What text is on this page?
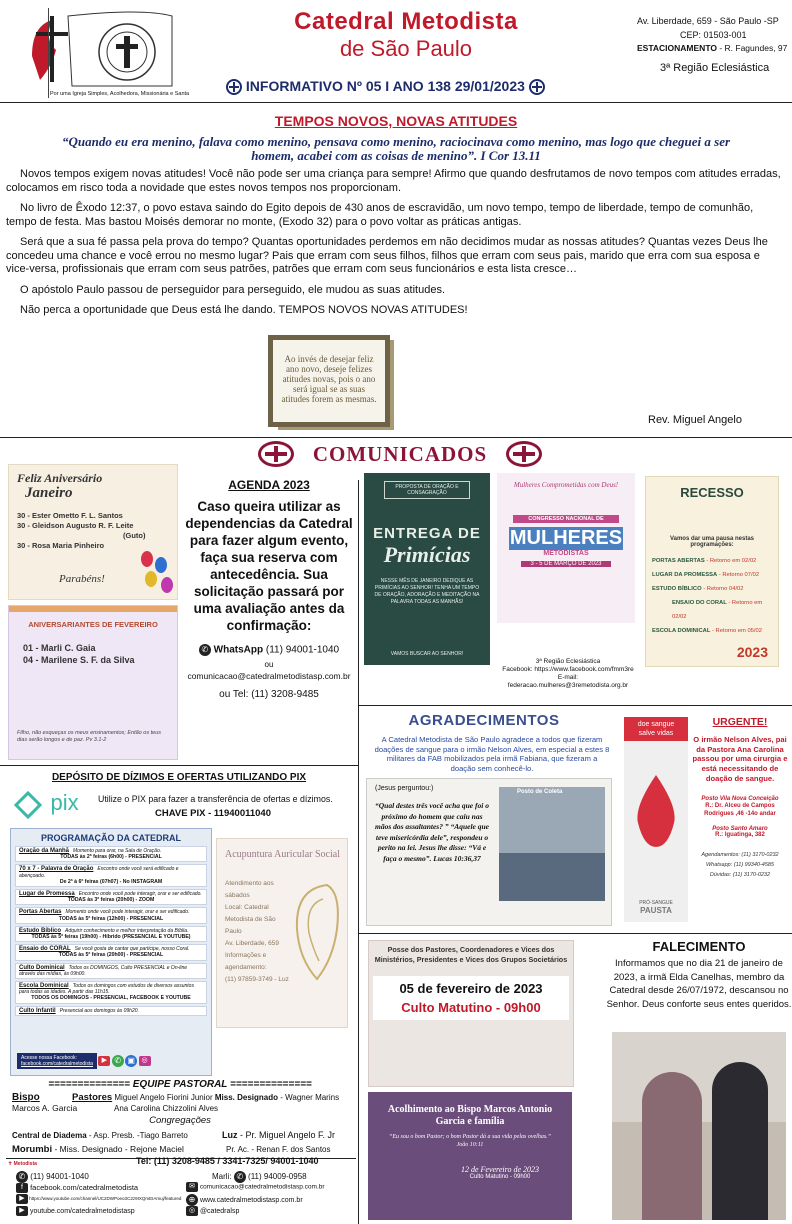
Por uma Igreja Simples, Acolhedora, Missionária e Santa
Catedral Metodista
de São Paulo
Av. Liberdade, 659 - São Paulo -SP
CEP: 01503-001
ESTACIONAMENTO - R. Fagundes, 97
3ª Região Eclesiástica
INFORMATIVO Nº 05 I ANO 138 29/01/2023
TEMPOS NOVOS, NOVAS ATITUDES
“Quando eu era menino, falava como menino, pensava como menino, raciocinava como menino, mas logo que cheguei a ser homem, acabei com as coisas de menino”. I Cor 13.11

Novos tempos exigem novas atitudes! Você não pode ser uma criança para sempre! Afirmo que quando desfrutamos de novo tempos com atitudes erradas, colocamos em risco toda a novidade que estes novos tempos nos proporcionam.

No livro de Êxodo 12:37, o povo estava saindo do Egito depois de 430 anos de escravidão, um novo tempo, tempo de liberdade, tempo de comunhão, tempo de festa. Mas bastou Moisés demorar no monte, (Exodo 32) para o povo voltar as práticas antigas.

Será que a sua fé passa pela prova do tempo? Quantas oportunidades perdemos em não decidimos mudar as nossas atitudes? Quantas vezes Deus lhe concedeu uma chance e você errou no mesmo lugar? Pais que erram com seus filhos, filhos que erram com seus pais, marido que erra com sua esposa e vice-versa, profissionais que erram com seus patrões, patrões que erram com seus funcionários e esta lista cresce…

O apóstolo Paulo passou de perseguidor para perseguido, ele mudou as suas atitudes.

Não perca a oportunidade que Deus está lhe dando. TEMPOS NOVOS NOVAS ATITUDES!

Ao invés de desejar feliz ano novo, deseje felizes atitudes novas, pois o ano será igual se as suas atitudes forem as mesmas.
Rev. Miguel Angelo
COMUNICADOS
Feliz Aniversário
Janeiro
30 - Ester Ometto F. L. Santos
30 - Gleidson Augusto R. F. Leite
(Guto)
30 - Rosa Maria Pinheiro
Parabéns!
ANIVERSARIANTES DE FEVEREIRO
01 - Marli C. Gaia
04 - Marilene S. F. da Silva
Filho, não esqueças os meus ensinamentos; Então os teus dias serão longos e de paz. Pv 3.1-2
AGENDA 2023
Caso queira utilizar as dependencias da Catedral para fazer algum evento, faça sua reserva com antecedência. Sua solicitação passará por uma avaliação antes da confirmação:
✆ WhatsApp (11) 94001-1040
ou
comunicacao@catedralmetodistasp.com.br
ou Tel: (11) 3208-9485
PROPOSTA DE ORAÇÃO E CONSAGRAÇÃO
ENTREGA DE
Primícias
NESSE MÊS DE JANEIRO DEDIQUE AS PRIMÍCIAS AO SENHOR! TENHA UM TEMPO DE ORAÇÃO, ADORAÇÃO E MEDITAÇÃO NA PALAVRA TODAS AS MANHÃS!
VAMOS BUSCAR AO SENHOR!
Mulheres Comprometidas com Deus!
CONGRESSO NACIONAL DE
MULHERES
METODISTAS
3 - 5 DE MARÇO DE 2023
3ª Região Eclesiástica
Facebook: https://www.facebook.com/fmm3re
E-mail: federacao.mulheres@3remetodista.org.br
RECESSO
Vamos dar uma pausa nestas programações:
PORTAS ABERTAS - Retorno em 02/02
LUGAR DA PROMESSA - Retorno 07/02
ESTUDO BÍBLICO - Retorno 04/02
ENSAIO DO CORAL - Retorno em 02/02
ESCOLA DOMINICAL - Retorno em 05/02
2023
AGRADECIMENTOS
A Catedral Metodista de São Paulo agradece a todos que fizeram doações de sangue para o irmão Nelson Alves, em especial a estes 8 militares da FAB mobilizados pela irmã Fabiana, que fizeram a doação sem conhecê-lo.
(Jesus perguntou:)
“Qual destes três você acha que foi o próximo do homem que caiu nas mãos dos assaltantes? ” “Aquele que teve misericórdia dele”, respondeu o perito na lei. Jesus lhe disse: “Vá e faça o mesmo”. Lucas 10:36,37
Posto de Coleta
doe sangue
salve vidas
PRÓ-SANGUE
PAUSTA
URGENTE!
O irmão Nelson Alves, pai da Pastora Ana Carolina passou por uma cirurgia e está necessitando de doação de sangue.
Posto Vila Nova Conceição
R.: Dr. Alceu de Campos Rodrigues ,46 -14o andar
Posto Santo Amaro
R.: Iguatinga, 382
Agendamentos: (11) 3170-0232
Whatsapp: (11) 99340-4585
Dúvidas: (11) 3170-0232
DEPÓSITO DE DÍZIMOS E OFERTAS UTILIZANDO PIX
pix	Utilize o PIX para fazer a transferência de ofertas e dízimos.
CHAVE PIX - 11940011040
PROGRAMAÇÃO DA CATEDRAL
Oração da Manhã Momento para orar, na Sala de Oração.
TODAS às 2ª feiras (6h00) - PRESENCIAL
70 x 7 - Palavra de Oração Encontro onde você será edificado e abençoado.
De 2ª à 6ª feiras (07h07) - No INSTAGRAM
Lugar de Promessa Encontro onde você pode interagir, orar e ser edificado.
TODAS às 3ª feiras (20h00) - ZOOM
Portas Abertas Momento onde você pode interagir, orar e ser edificado.
TODAS às 5ª feiras (12h00) - PRESENCIAL
Estudo Bíblico Adquirir conhecimento e melhor interpretação da Bíblia.
TODAS às 5ª feiras (19h00) - Híbrido (PRESENCIAL E YOUTUBE)
Ensaio do CORAL Se você gosta de cantar que participe, nosso Coral.
TODAS às 5ª feiras (20h00) - PRESENCIAL
Culto Dominical Todos os DOMINGOS, Culto PRESENCIAL e On-line através das mídias, às 09h00.
Escola Dominical Todos os domingos com estudos de diversos assuntos para todas as idades. A partir das 11h15.
TODOS OS DOMINGOS - PRESENCIAL, FACEBOOK E YOUTUBE
Culto Infantil Presencial aos domingos às 09h20.
Acesse nossa Facebook:
facebook.com/catedralmetodista ▶ ✆ ▣ ◎
Acupuntura Auricular Social
Atendimento aos sábados
Local: Catedral Metodista de São Paulo
Av. Liberdade, 659
Informações e agendamento:
(11) 97859-3749 - Luz
============== EQUIPE PASTORAL ==============
Bispo
Marcos A. Garcia
Pastores Miguel Angelo Fiorini Junior Miss. Designado - Wagner Marins
Ana Carolina Chizzolini Alves
Congregações
Central de Diadema - Asp. Presb. -Tiago Barreto	Luz - Pr. Miguel Angelo F. Jr
Morumbi - Miss. Designado - Rejone Maciel	Pr. Ac. - Renan F. dos Santos
✝ Metodista	Tel: (11) 3208-9485 / 3341-7325/ 94001-1040
✆ (11) 94001-1040	Marli: ✆ (11) 94009-0958
f facebook.com/catedralmetodista
▶ https://www.youtube.com/channel/UC2DWPoeo3C2z9IXQmEIAmuj/featured
▶ youtube.com/catedralmetodistasp
✉ comunicacao@catedralmetodistasp.com.br
⊕ www.catedralmetodistasp.com.br
◎ @catedralsp
Posse dos Pastores, Coordenadores e Vices dos Ministérios, Presidentes e Vices dos Grupos Societários
05 de fevereiro de 2023
Culto Matutino - 09h00
Acolhimento ao Bispo Marcos Antonio Garcia e família
“Eu sou o bom Pastor; o bom Pastor dá a sua vida pelas ovelhas.” João 10:11
12 de Fevereiro de 2023
Culto Matutino - 09h00
FALECIMENTO
Informamos que no dia 21 de janeiro de 2023, a irmã Elda Canelhas, membro da Catedral desde 26/07/1972, descansou no Senhor. Deus conforte seus entes queridos.
